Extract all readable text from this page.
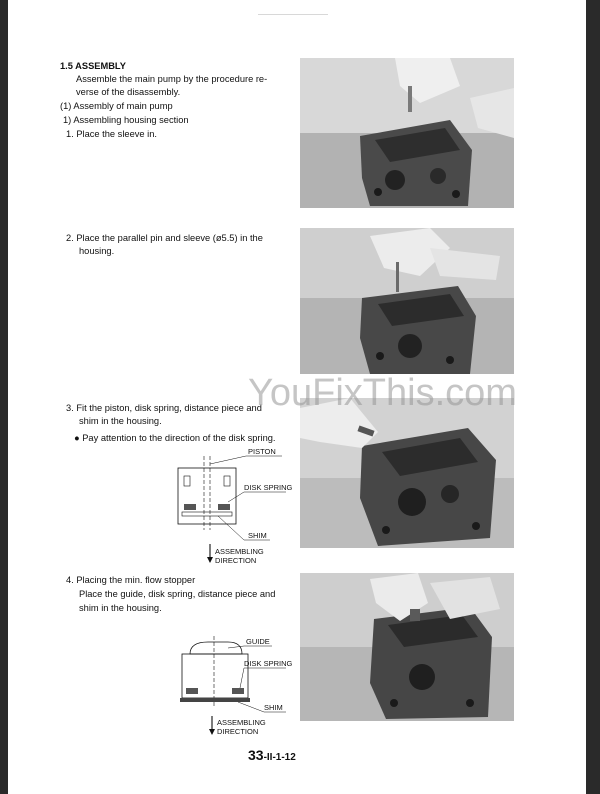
1.5 ASSEMBLY
Assemble the main pump by the procedure re-
verse of the disassembly.
(1) Assembly of main pump
1) Assembling housing section
1. Place the sleeve in.
2. Place the parallel pin and sleeve (ø5.5) in the
housing.
3. Fit the piston, disk spring, distance piece and
shim in the housing.
● Pay attention to the direction of the disk spring.
4. Placing the min. flow stopper
Place the guide, disk spring, distance piece and
shim in the housing.
PISTON
DISK SPRING
SHIM
ASSEMBLING
DIRECTION
GUIDE
DISK SPRING
SHIM
ASSEMBLING
DIRECTION
33-II-1-12
YouFixThis.com
